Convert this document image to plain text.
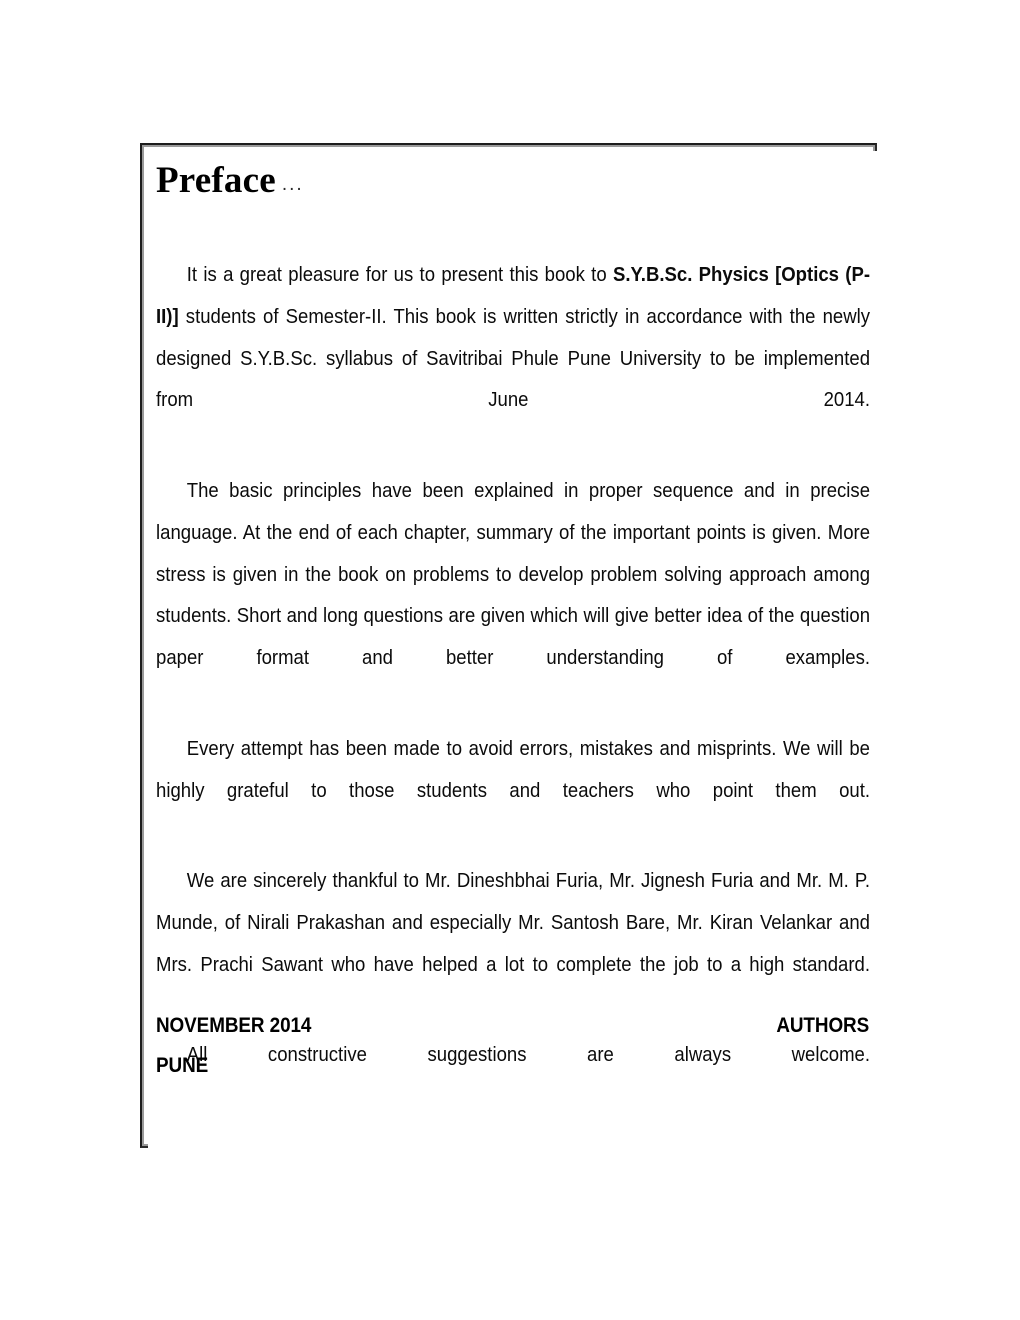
Preface ...

It is a great pleasure for us to present this book to S.Y.B.Sc. Physics [Optics (P-II)] students of Semester-II. This book is written strictly in accordance with the newly designed S.Y.B.Sc. syllabus of Savitribai Phule Pune University to be implemented from June 2014.

The basic principles have been explained in proper sequence and in precise language. At the end of each chapter, summary of the important points is given. More stress is given in the book on problems to develop problem solving approach among students. Short and long questions are given which will give better idea of the question paper format and better understanding of examples.

Every attempt has been made to avoid errors, mistakes and misprints. We will be highly grateful to those students and teachers who point them out.

We are sincerely thankful to Mr. Dineshbhai Furia, Mr. Jignesh Furia and Mr. M. P. Munde, of Nirali Prakashan and especially Mr. Santosh Bare, Mr. Kiran Velankar and Mrs. Prachi Sawant who have helped a lot to complete the job to a high standard.

All constructive suggestions are always welcome.

NOVEMBER 2014	AUTHORS
PUNE
